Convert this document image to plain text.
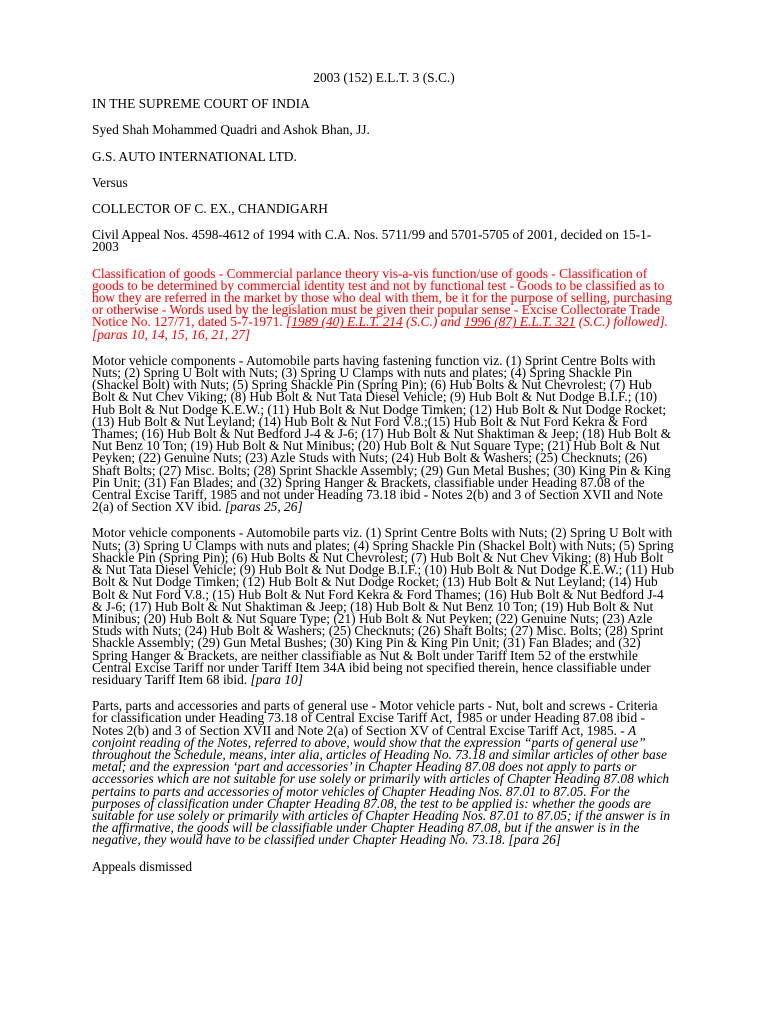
2003 (152) E.L.T. 3 (S.C.)

IN THE SUPREME COURT OF INDIA

Syed Shah Mohammed Quadri and Ashok Bhan, JJ.

G.S. AUTO INTERNATIONAL LTD.

Versus

COLLECTOR OF C. EX., CHANDIGARH

Civil Appeal Nos. 4598-4612 of 1994 with C.A. Nos. 5711/99 and 5701-5705 of 2001, decided on 15-1-2003

Classification of goods - Commercial parlance theory vis-a-vis function/use of goods - Classification of goods to be determined by commercial identity test and not by functional test - Goods to be classified as to how they are referred in the market by those who deal with them, be it for the purpose of selling, purchasing or otherwise - Words used by the legislation must be given their popular sense - Excise Collectorate Trade Notice No. 127/71, dated 5-7-1971. [1989 (40) E.L.T. 214 (S.C.) and 1996 (87) E.L.T. 321 (S.C.) followed]. [paras 10, 14, 15, 16, 21, 27]

Motor vehicle components - Automobile parts having fastening function viz. (1) Sprint Centre Bolts with Nuts; (2) Spring U Bolt with Nuts; (3) Spring U Clamps with nuts and plates; (4) Spring Shackle Pin (Shackel Bolt) with Nuts; (5) Spring Shackle Pin (Spring Pin); (6) Hub Bolts & Nut Chevrolest; (7) Hub Bolt & Nut Chev Viking; (8) Hub Bolt & Nut Tata Diesel Vehicle; (9) Hub Bolt & Nut Dodge B.I.F.; (10) Hub Bolt & Nut Dodge K.E.W.; (11) Hub Bolt & Nut Dodge Timken; (12) Hub Bolt & Nut Dodge Rocket; (13) Hub Bolt & Nut Leyland; (14) Hub Bolt & Nut Ford V.8.;(15) Hub Bolt & Nut Ford Kekra & Ford Thames; (16) Hub Bolt & Nut Bedford J-4 & J-6; (17) Hub Bolt & Nut Shaktiman & Jeep; (18) Hub Bolt & Nut Benz 10 Ton; (19) Hub Bolt & Nut Minibus; (20) Hub Bolt & Nut Square Type; (21) Hub Bolt & Nut Peyken; (22) Genuine Nuts; (23) Azle Studs with Nuts; (24) Hub Bolt & Washers; (25) Checknuts; (26) Shaft Bolts; (27) Misc. Bolts; (28) Sprint Shackle Assembly; (29) Gun Metal Bushes; (30) King Pin & King Pin Unit; (31) Fan Blades; and (32) Spring Hanger & Brackets, classifiable under Heading 87.08 of the Central Excise Tariff, 1985 and not under Heading 73.18 ibid - Notes 2(b) and 3 of Section XVII and Note 2(a) of Section XV ibid. [paras 25, 26]

Motor vehicle components - Automobile parts viz. (1) Sprint Centre Bolts with Nuts; (2) Spring U Bolt with Nuts; (3) Spring U Clamps with nuts and plates; (4) Spring Shackle Pin (Shackel Bolt) with Nuts; (5) Spring Shackle Pin (Spring Pin); (6) Hub Bolts & Nut Chevrolest; (7) Hub Bolt & Nut Chev Viking; (8) Hub Bolt & Nut Tata Diesel Vehicle; (9) Hub Bolt & Nut Dodge B.I.F.; (10) Hub Bolt & Nut Dodge K.E.W.; (11) Hub Bolt & Nut Dodge Timken; (12) Hub Bolt & Nut Dodge Rocket; (13) Hub Bolt & Nut Leyland; (14) Hub Bolt & Nut Ford V.8.; (15) Hub Bolt & Nut Ford Kekra & Ford Thames; (16) Hub Bolt & Nut Bedford J-4 & J-6; (17) Hub Bolt & Nut Shaktiman & Jeep; (18) Hub Bolt & Nut Benz 10 Ton; (19) Hub Bolt & Nut Minibus; (20) Hub Bolt & Nut Square Type; (21) Hub Bolt & Nut Peyken; (22) Genuine Nuts; (23) Azle Studs with Nuts; (24) Hub Bolt & Washers; (25) Checknuts; (26) Shaft Bolts; (27) Misc. Bolts; (28) Sprint Shackle Assembly; (29) Gun Metal Bushes; (30) King Pin & King Pin Unit; (31) Fan Blades; and (32) Spring Hanger & Brackets, are neither classifiable as Nut & Bolt under Tariff Item 52 of the erstwhile Central Excise Tariff nor under Tariff Item 34A ibid being not specified therein, hence classifiable under residuary Tariff Item 68 ibid. [para 10]

Parts, parts and accessories and parts of general use - Motor vehicle parts - Nut, bolt and screws - Criteria for classification under Heading 73.18 of Central Excise Tariff Act, 1985 or under Heading 87.08 ibid - Notes 2(b) and 3 of Section XVII and Note 2(a) of Section XV of Central Excise Tariff Act, 1985. - A conjoint reading of the Notes, referred to above, would show that the expression “parts of general use” throughout the Schedule, means, inter alia, articles of Heading No. 73.18 and similar articles of other base metal; and the expression ‘part and accessories’ in Chapter Heading 87.08 does not apply to parts or accessories which are not suitable for use solely or primarily with articles of Chapter Heading 87.08 which pertains to parts and accessories of motor vehicles of Chapter Heading Nos. 87.01 to 87.05. For the purposes of classification under Chapter Heading 87.08, the test to be applied is: whether the goods are suitable for use solely or primarily with articles of Chapter Heading Nos. 87.01 to 87.05; if the answer is in the affirmative, the goods will be classifiable under Chapter Heading 87.08, but if the answer is in the negative, they would have to be classified under Chapter Heading No. 73.18. [para 26]

Appeals dismissed
